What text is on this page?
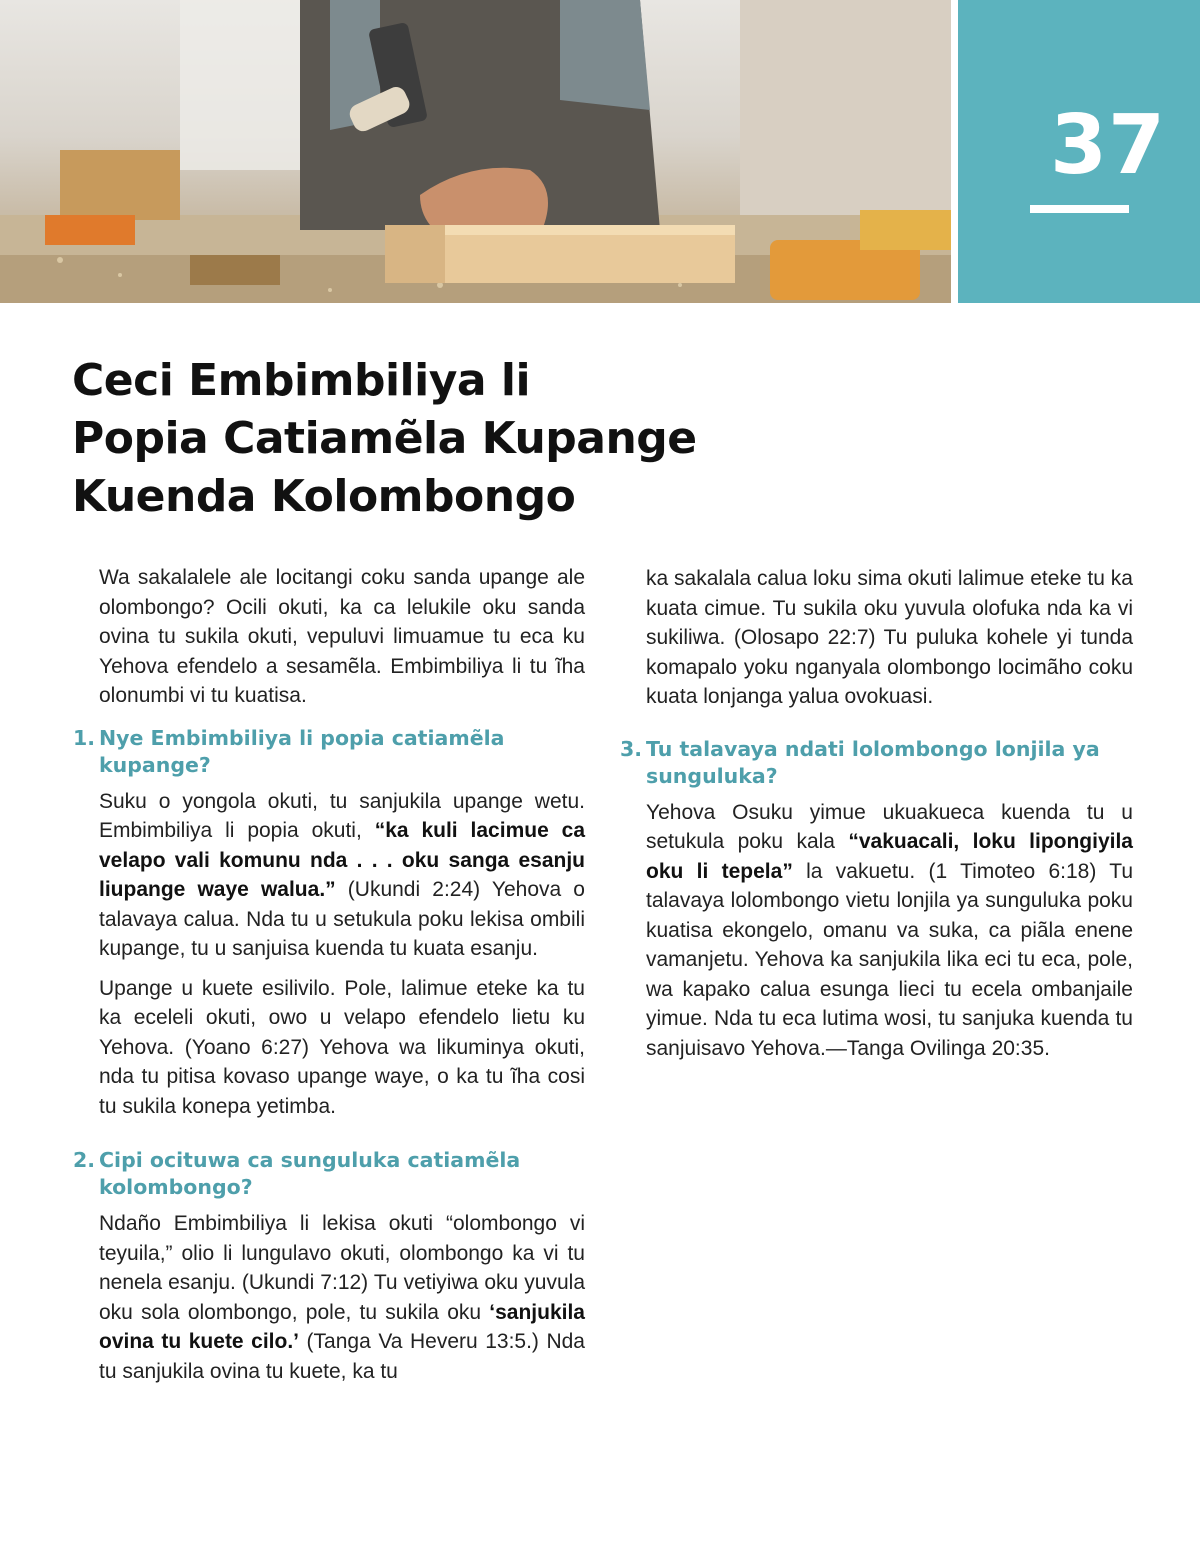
37
Ceci Embimbiliya li
Popia Catiamẽla Kupange
Kuenda Kolombongo

Wa sakalalele ale locitangi coku sanda upange ale olombongo? Ocili okuti, ka ca lelukile oku sanda ovina tu sukila okuti, vepuluvi limuamue tu eca ku Yehova efendelo a sesamẽla. Embimbiliya li tu ĩha olonumbi vi tu kuatisa.

1. Nye Embimbiliya li popia catiamẽla kupange?

Suku o yongola okuti, tu sanjukila upange wetu. Embimbiliya li popia okuti, “ka kuli lacimue ca velapo vali komunu nda . . . oku sanga esanju liupange waye walua.” (Ukundi 2:24) Yehova o talavaya calua. Nda tu u setukula poku lekisa ombili kupange, tu u sanjuisa kuenda tu kuata esanju.

Upange u kuete esilivilo. Pole, lalimue eteke ka tu ka eceleli okuti, owo u velapo efendelo lietu ku Yehova. (Yoano 6:27) Yehova wa likuminya okuti, nda tu pitisa kovaso upange waye, o ka tu ĩha cosi tu sukila konepa yetimba.

2. Cipi ocituwa ca sunguluka catiamẽla kolombongo?

Ndaño Embimbiliya li lekisa okuti “olombongo vi teyuila,” olio li lungulavo okuti, olombongo ka vi tu nenela esanju. (Ukundi 7:12) Tu vetiyiwa oku yuvula oku sola olombongo, pole, tu sukila oku ‘sanjukila ovina tu kuete cilo.’ (Tanga Va Heveru 13:5.) Nda tu sanjukila ovina tu kuete, ka tu

ka sakalala calua loku sima okuti lalimue eteke tu ka kuata cimue. Tu sukila oku yuvula olofuka nda ka vi sukiliwa. (Olosapo 22:7) Tu puluka kohele yi tunda komapalo yoku nganyala olombongo locimãho coku kuata lonjanga yalua ovokuasi.

3. Tu talavaya ndati lolombongo lonjila ya sunguluka?

Yehova Osuku yimue ukuakueca kuenda tu u setukula poku kala “vakuacali, loku lipongiyila oku li tepela” la vakuetu. (1 Timoteo 6:18) Tu talavaya lolombongo vietu lonjila ya sunguluka poku kuatisa ekongelo, omanu va suka, ca piãla enene vamanjetu. Yehova ka sanjukila lika eci tu eca, pole, wa kapako calua esunga lieci tu ecela ombanjaile yimue. Nda tu eca lutima wosi, tu sanjuka kuenda tu sanjuisavo Yehova.—Tanga Ovilinga 20:35.
